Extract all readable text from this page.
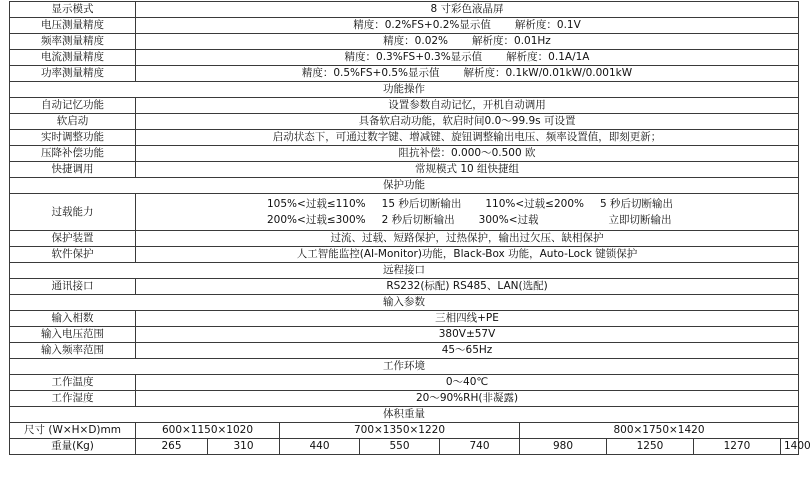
显示模式	8 寸彩色液晶屏								
电压测量精度	精度：0.2%FS+0.2%显示值 解析度：0.1V								
频率测量精度	精度：0.02% 解析度：0.01Hz								
电流测量精度	精度：0.3%FS+0.3%显示值 解析度：0.1A/1A								
功率测量精度	精度：0.5%FS+0.5%显示值 解析度：0.1kW/0.01kW/0.001kW								
功能操作									
自动记忆功能	设置参数自动记忆，开机自动调用								
软启动	具备软启动功能，软启时间0.0～99.9s 可设置								
实时调整功能	启动状态下，可通过数字键、增减键、旋钮调整输出电压、频率设置值，即刻更新；								
压降补偿功能	阻抗补偿：0.000～0.500 欧								
快捷调用	常规模式 10 组快捷组								
保护功能									
过载能力	105%<过载≤110% 15 秒后切断输出 110%<过载≤200% 5 秒后切断输出
200%<过载≤300% 2 秒后切断输出 300%<过载 立即切断输出								

保护装置	过流、过载、短路保护，过热保护，输出过欠压、缺相保护								
软件保护	人工智能监控(AI-Monitor)功能，Black-Box 功能，Auto-Lock 键锁保护								
远程接口									
通讯接口	RS232(标配) RS485、LAN(选配)								
输入参数									
输入相数	三相四线+PE								
输入电压范围	380V±57V								
输入频率范围	45～65Hz								
工作环境									
工作温度	0～40℃								
工作湿度	20～90%RH(非凝露)								
体积重量									
尺寸 (W×H×D)mm	600×1150×1020		700×1350×1220			800×1750×1420			
重量(Kg)	265	310	440	550	740	980	1250	1270	1400
